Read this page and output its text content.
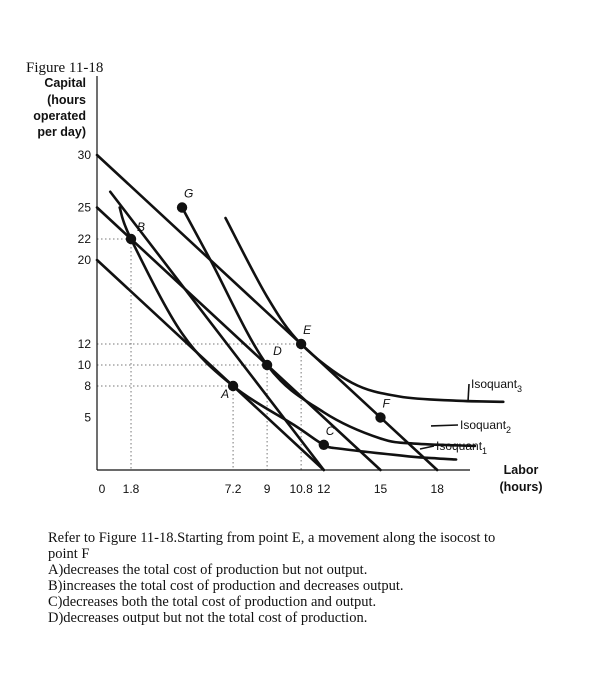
Figure 11-18
Capital
(hours
operated
per day)
Labor
(hours)
0 1.8	7.2 9 10.8 12	15	18
5
8
10
12
20
22
25
30
A
B
C
D
E
F
G
Isoquant$_1$
Isoquant$_2$
Isoquant$_3$
Refer to Figure 11-18.Starting from point E, a movement along the isocost to
point F
A)decreases the total cost of production but not output.
B)increases the total cost of production and decreases output.
C)decreases both the total cost of production and output.
D)decreases output but not the total cost of production.
